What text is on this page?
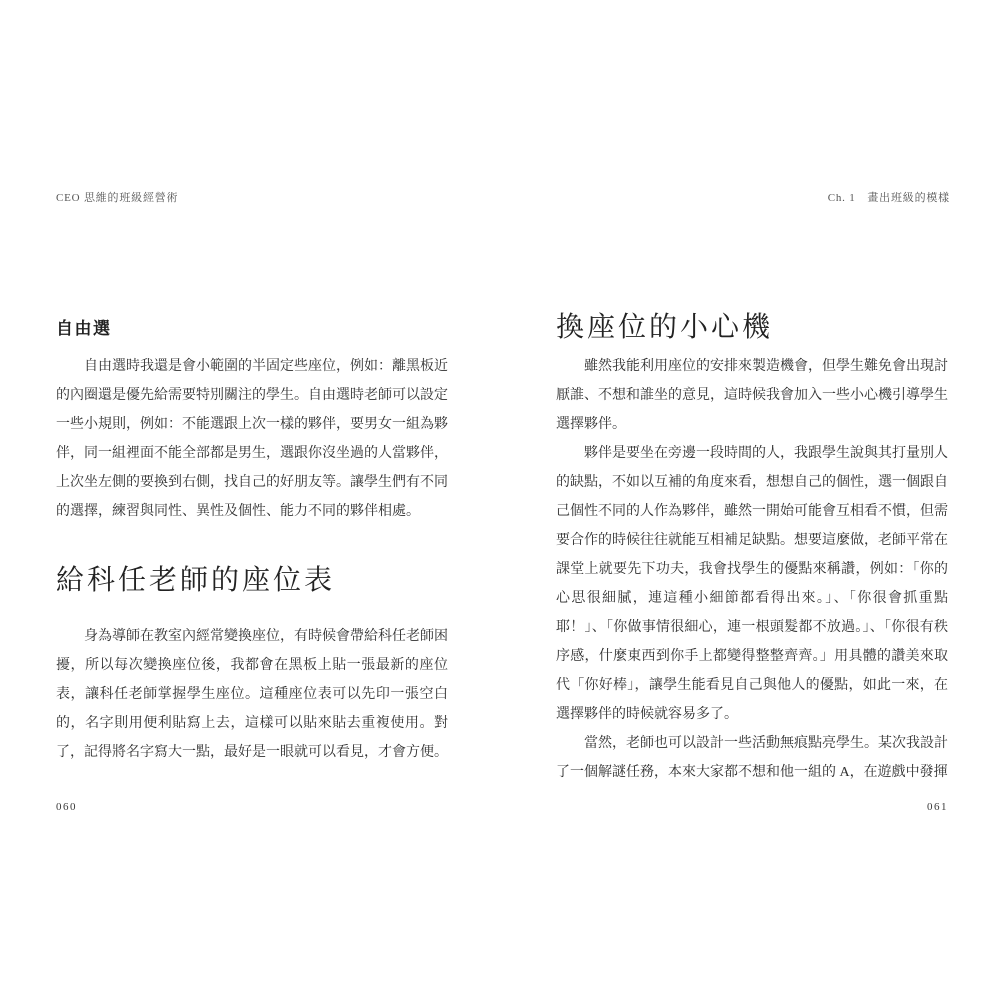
CEO 思維的班級經營術	Ch. 1　畫出班級的模樣
自由選

自由選時我還是會小範圍的半固定些座位，例如：離黑板近的內圈還是優先給需要特別關注的學生。自由選時老師可以設定一些小規則，例如：不能選跟上次一樣的夥伴，要男女一組為夥伴，同一組裡面不能全部都是男生，選跟你沒坐過的人當夥伴，上次坐左側的要換到右側，找自己的好朋友等。讓學生們有不同的選擇，練習與同性、異性及個性、能力不同的夥伴相處。

給科任老師的座位表

身為導師在教室內經常變換座位，有時候會帶給科任老師困擾，所以每次變換座位後，我都會在黑板上貼一張最新的座位表，讓科任老師掌握學生座位。這種座位表可以先印一張空白的，名字則用便利貼寫上去，這樣可以貼來貼去重複使用。對了，記得將名字寫大一點，最好是一眼就可以看見，才會方便。

換座位的小心機

雖然我能利用座位的安排來製造機會，但學生難免會出現討厭誰、不想和誰坐的意見，這時候我會加入一些小心機引導學生選擇夥伴。

夥伴是要坐在旁邊一段時間的人，我跟學生說與其打量別人的缺點，不如以互補的角度來看，想想自己的個性，選一個跟自己個性不同的人作為夥伴，雖然一開始可能會互相看不慣，但需要合作的時候往往就能互相補足缺點。想要這麼做，老師平常在課堂上就要先下功夫，我會找學生的優點來稱讚，例如：「你的心思很細膩，連這種小細節都看得出來。」、「你很會抓重點耶！」、「你做事情很細心，連一根頭髮都不放過。」、「你很有秩序感，什麼東西到你手上都變得整整齊齊。」用具體的讚美來取代「你好棒」，讓學生能看見自己與他人的優點，如此一來，在選擇夥伴的時候就容易多了。

當然，老師也可以設計一些活動無痕點亮學生。某次我設計了一個解謎任務，本來大家都不想和他一組的 A，在遊戲中發揮

060	061
